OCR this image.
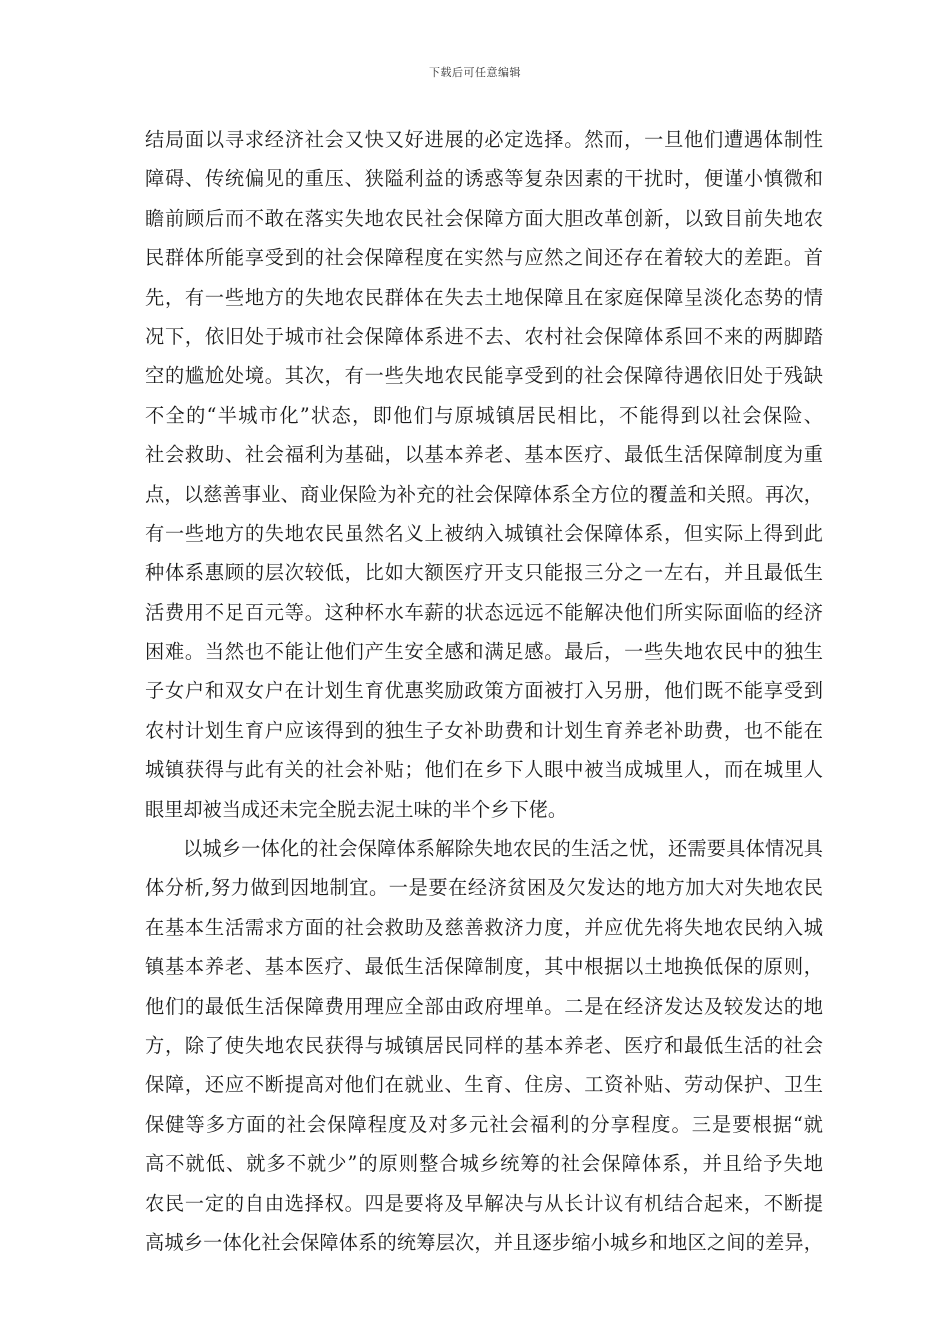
下载后可任意编辑
结局面以寻求经济社会又快又好进展的必定选择。然而，一旦他们遭遇体制性
障碍、传统偏见的重压、狭隘利益的诱惑等复杂因素的干扰时，便谨小慎微和
瞻前顾后而不敢在落实失地农民社会保障方面大胆改革创新，以致目前失地农
民群体所能享受到的社会保障程度在实然与应然之间还存在着较大的差距。首
先，有一些地方的失地农民群体在失去土地保障且在家庭保障呈淡化态势的情
况下，依旧处于城市社会保障体系进不去、农村社会保障体系回不来的两脚踏
空的尴尬处境。其次，有一些失地农民能享受到的社会保障待遇依旧处于残缺
不全的“半城市化”状态，即他们与原城镇居民相比，不能得到以社会保险、
社会救助、社会福利为基础，以基本养老、基本医疗、最低生活保障制度为重
点，以慈善事业、商业保险为补充的社会保障体系全方位的覆盖和关照。再次，
有一些地方的失地农民虽然名义上被纳入城镇社会保障体系，但实际上得到此
种体系惠顾的层次较低，比如大额医疗开支只能报三分之一左右，并且最低生
活费用不足百元等。这种杯水车薪的状态远远不能解决他们所实际面临的经济
困难。当然也不能让他们产生安全感和满足感。最后，一些失地农民中的独生
子女户和双女户在计划生育优惠奖励政策方面被打入另册，他们既不能享受到
农村计划生育户应该得到的独生子女补助费和计划生育养老补助费，也不能在
城镇获得与此有关的社会补贴；他们在乡下人眼中被当成城里人，而在城里人
眼里却被当成还未完全脱去泥土味的半个乡下佬。
以城乡一体化的社会保障体系解除失地农民的生活之忧，还需要具体情况具
体分析,努力做到因地制宜。一是要在经济贫困及欠发达的地方加大对失地农民
在基本生活需求方面的社会救助及慈善救济力度，并应优先将失地农民纳入城
镇基本养老、基本医疗、最低生活保障制度，其中根据以土地换低保的原则，
他们的最低生活保障费用理应全部由政府埋单。二是在经济发达及较发达的地
方，除了使失地农民获得与城镇居民同样的基本养老、医疗和最低生活的社会
保障，还应不断提高对他们在就业、生育、住房、工资补贴、劳动保护、卫生
保健等多方面的社会保障程度及对多元社会福利的分享程度。三是要根据“就
高不就低、就多不就少”的原则整合城乡统筹的社会保障体系，并且给予失地
农民一定的自由选择权。四是要将及早解决与从长计议有机结合起来，不断提
高城乡一体化社会保障体系的统筹层次，并且逐步缩小城乡和地区之间的差异，
